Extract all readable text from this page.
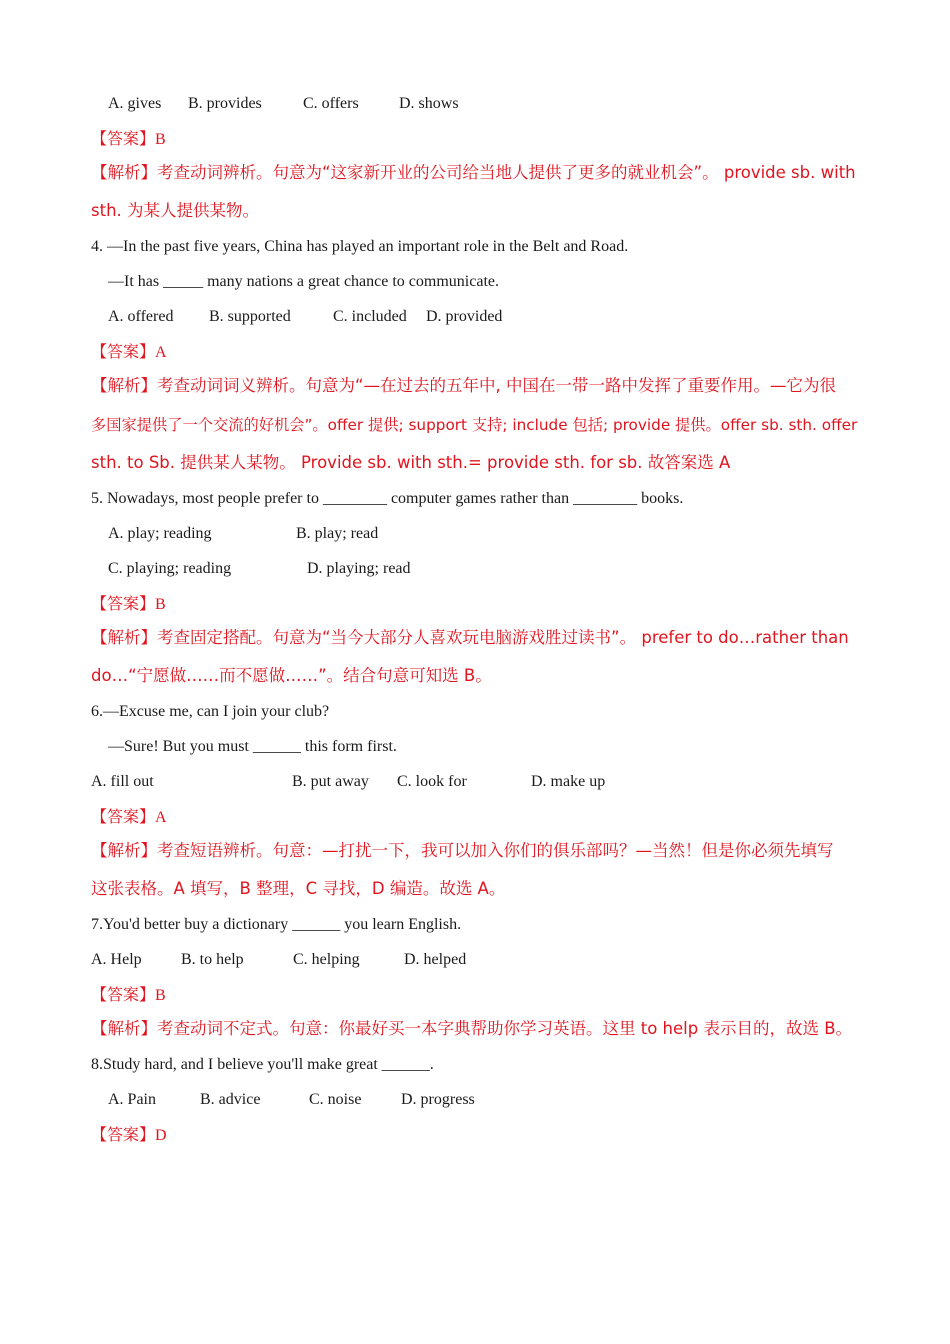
A. gives B. provides	C. offers	D. shows
【答案】B
【解析】考查动词辨析。句意为“这家新开业的公司给当地人提供了更多的就业机会”。 provide sb. with
sth. 为某人提供某物。
4. —In the past five years, China has played an important role in the Belt and Road.
—It has _____ many nations a great chance to communicate.
A. offered B. supported	C. included D. provided
【答案】A
【解析】考查动词词义辨析。句意为“—在过去的五年中, 中国在一带一路中发挥了重要作用。—它为很
多国家提供了一个交流的好机会”。offer 提供; support 支持; include 包括; provide 提供。offer sb. sth. offer
sth. to Sb. 提供某人某物。 Provide sb. with sth.= provide sth. for sb. 故答案选 A
5. Nowadays, most people prefer to ________ computer games rather than ________ books.
A. play; reading	B. play; read
C. playing; reading	D. playing; read
【答案】B
【解析】考查固定搭配。句意为“当今大部分人喜欢玩电脑游戏胜过读书”。 prefer to do…rather than
do…“宁愿做……而不愿做……”。结合句意可知选 B。
6.—Excuse me, can I join your club?
—Sure! But you must ______ this form first.
A. fill out	B. put away C. look for	D. make up
【答案】A
【解析】考查短语辨析。句意：—打扰一下，我可以加入你们的俱乐部吗？—当然！但是你必须先填写
这张表格。A 填写，B 整理，C 寻找，D 编造。故选 A。
7.You'd better buy a dictionary ______ you learn English.
A. Help B. to help	C. helping	D. helped
【答案】B
【解析】考查动词不定式。句意：你最好买一本字典帮助你学习英语。这里 to help 表示目的，故选 B。
8.Study hard, and I believe you'll make great ______.
A. Pain	B. advice	C. noise D. progress
【答案】D
